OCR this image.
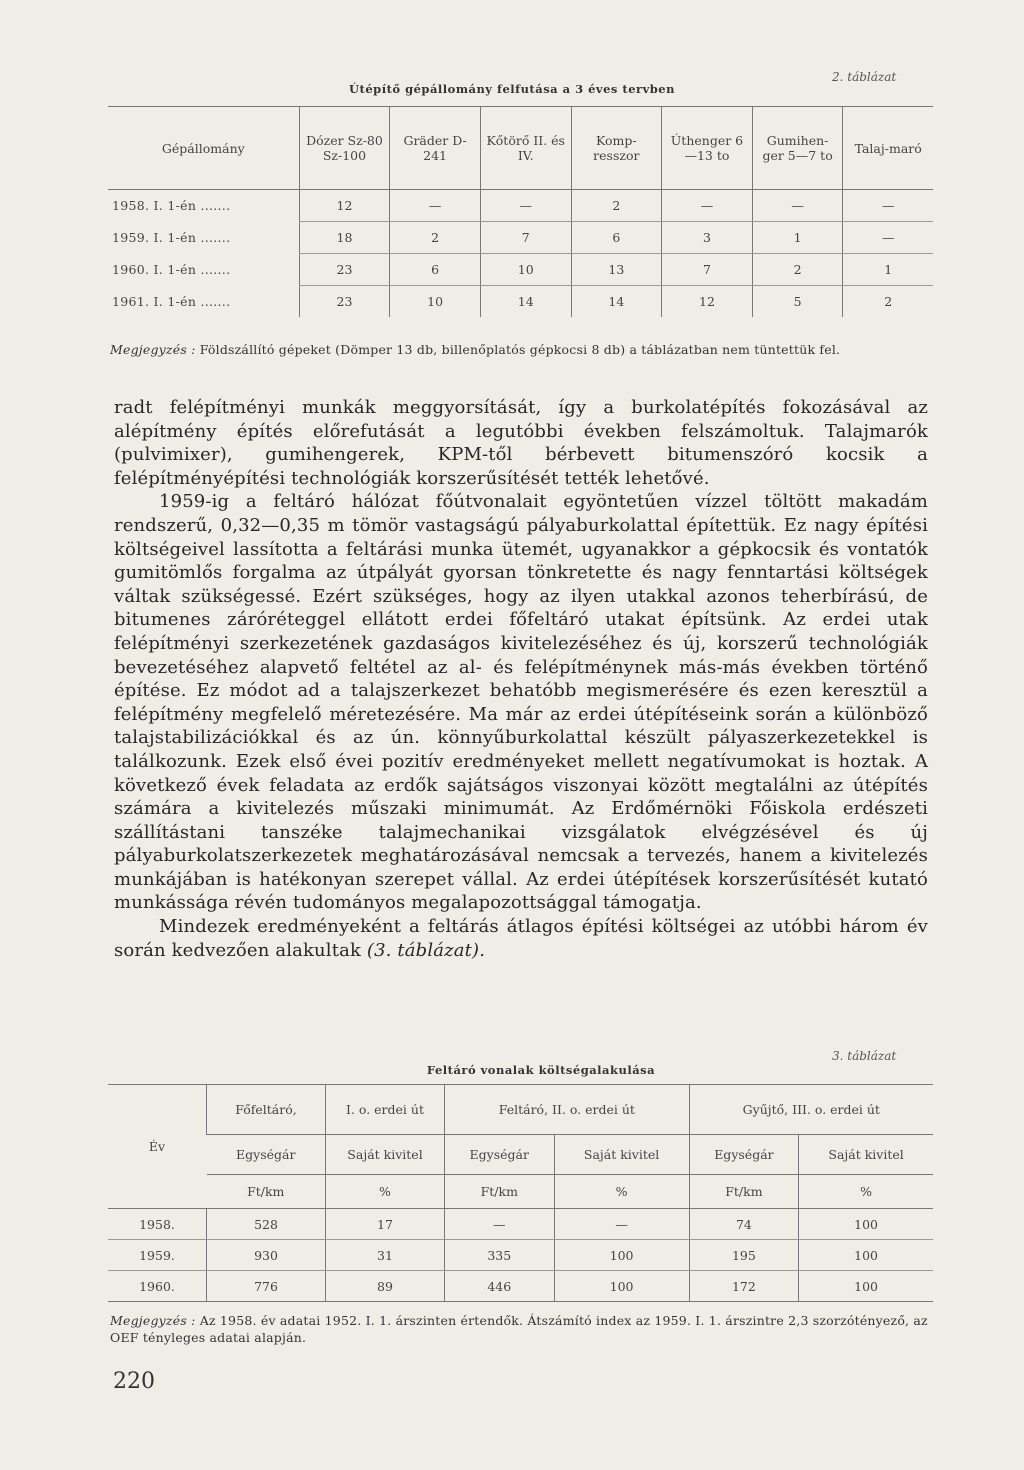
2. táblázat
Útépítő gépállomány felfutása a 3 éves tervben
Gépállomány	Dózer Sz-80 Sz-100	Gräder D-241	Kőtörő II. és IV.	Komp-resszor	Úthenger 6—13 to	Gumihen-ger 5—7 to	Talaj-maró
1958. I. 1-én .......	12	—	—	2	—	—	—
1959. I. 1-én .......	18	2	7	6	3	1	—
1960. I. 1-én .......	23	6	10	13	7	2	1
1961. I. 1-én .......	23	10	14	14	12	5	2
Megjegyzés : Földszállító gépeket (Dömper 13 db, billenőplatós gépkocsi 8 db) a táblázatban nem tüntettük fel.

radt felépítményi munkák meggyorsítását, így a burkolatépítés fokozásával az alépítmény építés előrefutását a legutóbbi években felszámoltuk. Talajmarók (pulvimixer), gumihengerek, KPM-től bérbevett bitumenszóró kocsik a felépítményépítési technológiák korszerűsítését tették lehetővé.

1959-ig a feltáró hálózat főútvonalait egyöntetűen vízzel töltött makadám rendszerű, 0,32—0,35 m tömör vastagságú pályaburkolattal építettük. Ez nagy építési költségeivel lassította a feltárási munka ütemét, ugyanakkor a gépkocsik és vontatók gumitömlős forgalma az útpályát gyorsan tönkretette és nagy fenntartási költségek váltak szükségessé. Ezért szükséges, hogy az ilyen utakkal azonos teherbírású, de bitumenes záróréteggel ellátott erdei főfeltáró utakat építsünk. Az erdei utak felépítményi szerkezetének gazdaságos kivitelezéséhez és új, korszerű technológiák bevezetéséhez alapvető feltétel az al- és felépítménynek más-más években történő építése. Ez módot ad a talajszerkezet behatóbb megismerésére és ezen keresztül a felépítmény megfelelő méretezésére. Ma már az erdei útépítéseink során a különböző talajstabilizációkkal és az ún. könnyűburkolattal készült pályaszerkezetekkel is találkozunk. Ezek első évei pozitív eredményeket mellett negatívumokat is hoztak. A következő évek feladata az erdők sajátságos viszonyai között megtalálni az útépítés számára a kivitelezés műszaki minimumát. Az Erdőmérnöki Főiskola erdészeti szállítástani tanszéke talajmechanikai vizsgálatok elvégzésével és új pályaburkolatszerkezetek meghatározásával nemcsak a tervezés, hanem a kivitelezés munkájában is hatékonyan szerepet vállal. Az erdei útépítések korszerűsítését kutató munkássága révén tudományos megalapozottsággal támogatja.

Mindezek eredményeként a feltárás átlagos építési költségei az utóbbi három év során kedvezően alakultak (3. táblázat).

3. táblázat
Feltáró vonalak költségalakulása
Év	Főfeltáró,	I. o. erdei út	Feltáró, II. o. erdei út		Gyűjtő, III. o. erdei út	
	Egységár	Saját kivitel	Egységár	Saját kivitel	Egységár	Saját kivitel
	Ft/km	%	Ft/km	%	Ft/km	%
1958.	528	17	—	—	74	100
1959.	930	31	335	100	195	100
1960.	776	89	446	100	172	100
Megjegyzés : Az 1958. év adatai 1952. I. 1. árszinten értendők. Átszámító index az 1959. I. 1. árszintre 2,3 szorzótényező, az OEF tényleges adatai alapján.
220
